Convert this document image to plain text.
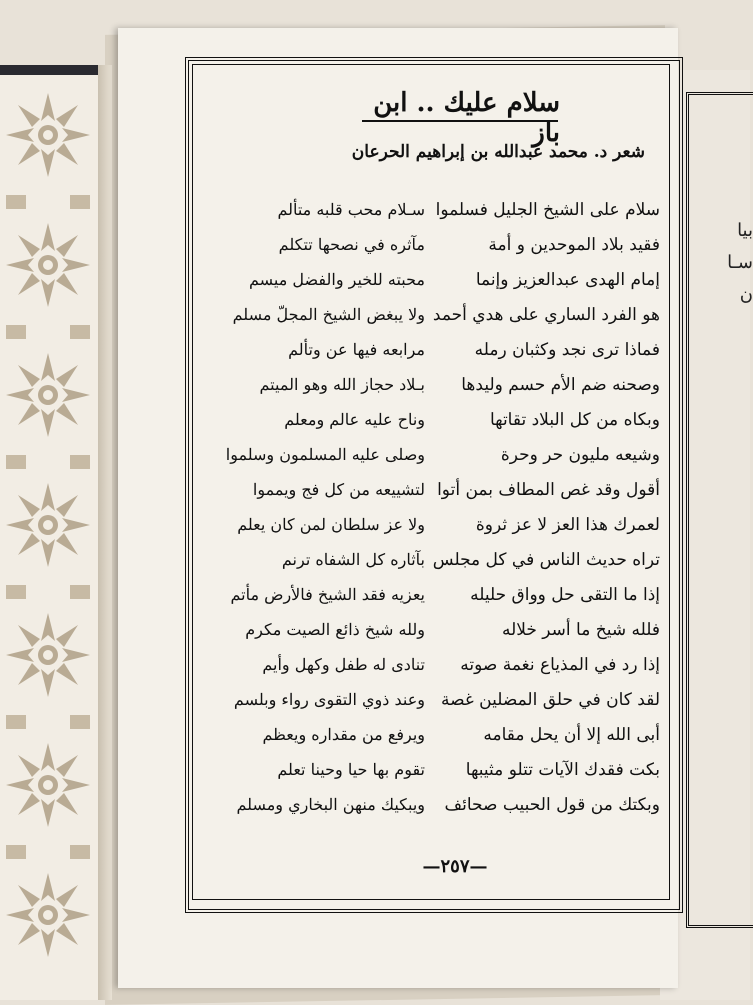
بيا
سـا
ن
سلام عليك .. ابن باز
شعر د. محمد عبدالله بن إبراهيم الحرعان
سلام على الشيخ الجليل فسلموا
سـلام محب قلبه متألم
فقيد بلاد الموحدين و أمة
مآثره في نصحها تتكلم
إمام الهدى عبدالعزيز وإنما
محبته للخير والفضل ميسم
هو الفرد الساري على هدي أحمد
ولا يبغض الشيخ المجلّ مسلم
فماذا ترى نجد وكثبان رمله
مرابعه فيها عن وتألم
وصحنه ضم الأم حسم وليدها
بـلاد حجاز الله وهو الميتم
وبكاه من كل البلاد تقاتها
وناح عليه عالم ومعلم
وشيعه مليون حر وحرة
وصلى عليه المسلمون وسلموا
أقول وقد غص المطاف بمن أتوا
لتشييعه من كل فج ويمموا
لعمرك هذا العز لا عز ثروة
ولا عز سلطان لمن كان يعلم
تراه حديث الناس في كل مجلس
بآثاره كل الشفاه ترنم
إذا ما التقى حل وواق حليله
يعزيه فقد الشيخ فالأرض مأتم
فلله شيخ ما أسر خلاله
ولله شيخ ذائع الصيت مكرم
إذا رد في المذياع نغمة صوته
تنادى له طفل وكهل وأيم
لقد كان في حلق المضلين غصة
وعند ذوي التقوى رواء وبلسم
أبى الله إلا أن يحل مقامه
ويرفع من مقداره ويعظم
بكت فقدك الآيات تتلو مثيبها
تقوم بها حيا وحينا تعلم
وبكتك من قول الحبيب صحائف
ويبكيك منهن البخاري ومسلم
—٢٥٧—
